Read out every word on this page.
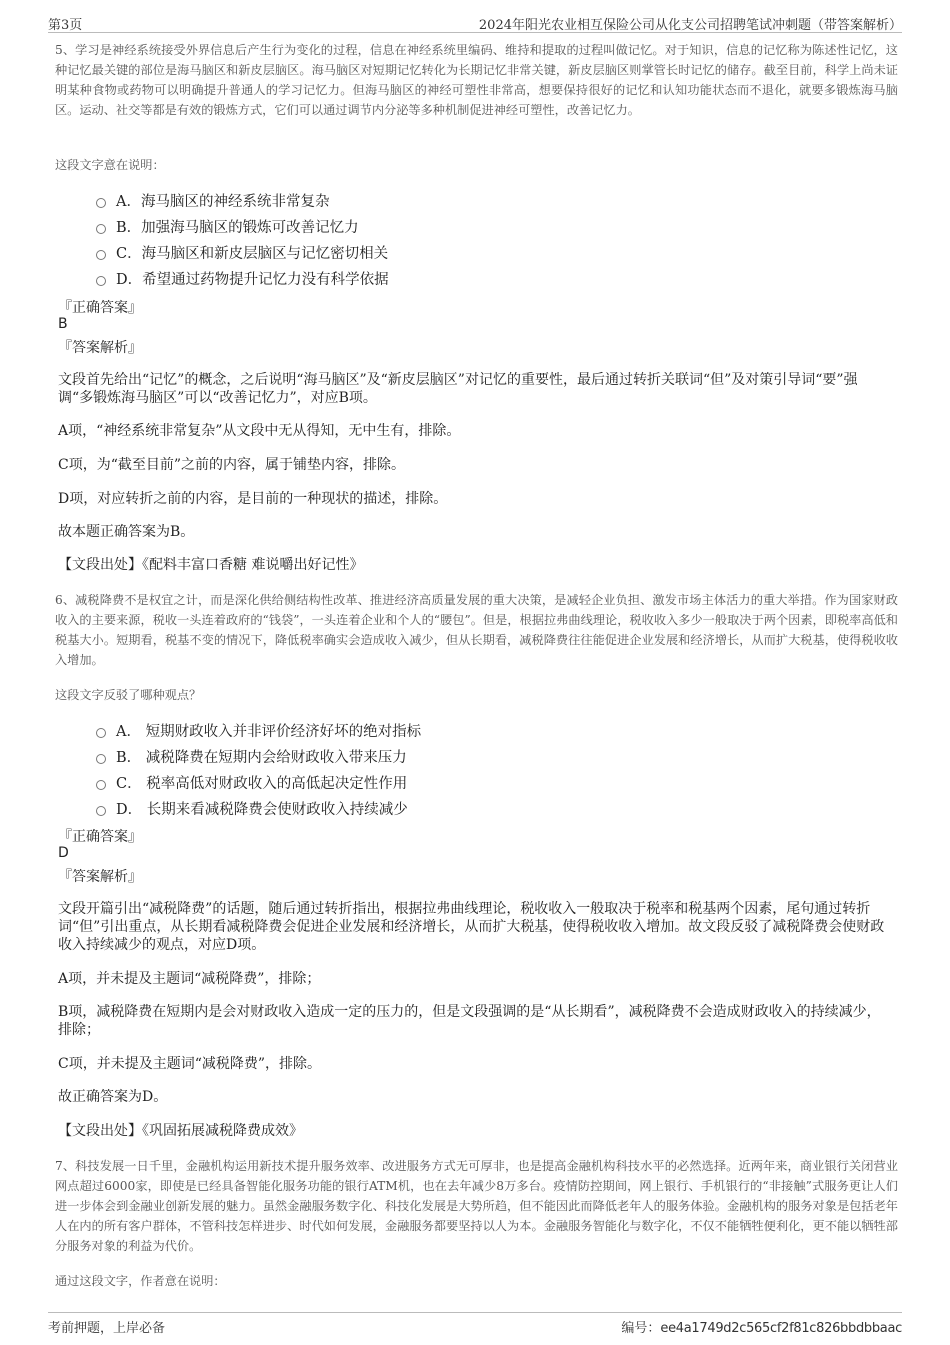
第3页	2024年阳光农业相互保险公司从化支公司招聘笔试冲刺题（带答案解析）

5、学习是神经系统接受外界信息后产生行为变化的过程，信息在神经系统里编码、维持和提取的过程叫做记忆。对于知识，信息的记忆称为陈述性记忆，这种记忆最关键的部位是海马脑区和新皮层脑区。海马脑区对短期记忆转化为长期记忆非常关键，新皮层脑区则掌管长时记忆的储存。截至目前，科学上尚未证明某种食物或药物可以明确提升普通人的学习记忆力。但海马脑区的神经可塑性非常高，想要保持很好的记忆和认知功能状态而不退化，就要多锻炼海马脑区。运动、社交等都是有效的锻炼方式，它们可以通过调节内分泌等多种机制促进神经可塑性，改善记忆力。

这段文字意在说明：

A．海马脑区的神经系统非常复杂
B．加强海马脑区的锻炼可改善记忆力
C．海马脑区和新皮层脑区与记忆密切相关
D．希望通过药物提升记忆力没有科学依据
『正确答案』
B
『答案解析』

文段首先给出“记忆”的概念，之后说明“海马脑区”及“新皮层脑区”对记忆的重要性，最后通过转折关联词“但”及对策引导词“要”强调“多锻炼海马脑区”可以“改善记忆力”，对应B项。

A项，“神经系统非常复杂”从文段中无从得知，无中生有，排除。

C项，为“截至目前”之前的内容，属于铺垫内容，排除。

D项，对应转折之前的内容，是目前的一种现状的描述，排除。

故本题正确答案为B。

【文段出处】《配料丰富口香糖 难说嚼出好记性》

6、减税降费不是权宜之计，而是深化供给侧结构性改革、推进经济高质量发展的重大决策，是减轻企业负担、激发市场主体活力的重大举措。作为国家财政收入的主要来源，税收一头连着政府的“钱袋”，一头连着企业和个人的“腰包”。但是，根据拉弗曲线理论，税收收入多少一般取决于两个因素，即税率高低和税基大小。短期看，税基不变的情况下，降低税率确实会造成收入减少，但从长期看，减税降费往往能促进企业发展和经济增长，从而扩大税基，使得税收收入增加。

这段文字反驳了哪种观点？

A． 短期财政收入并非评价经济好坏的绝对指标
B． 减税降费在短期内会给财政收入带来压力
C． 税率高低对财政收入的高低起决定性作用
D． 长期来看减税降费会使财政收入持续减少
『正确答案』
D
『答案解析』

文段开篇引出“减税降费”的话题，随后通过转折指出，根据拉弗曲线理论，税收收入一般取决于税率和税基两个因素，尾句通过转折词“但”引出重点，从长期看减税降费会促进企业发展和经济增长，从而扩大税基，使得税收收入增加。故文段反驳了减税降费会使财政收入持续减少的观点，对应D项。

A项，并未提及主题词“减税降费”，排除；

B项，减税降费在短期内是会对财政收入造成一定的压力的，但是文段强调的是“从长期看”，减税降费不会造成财政收入的持续减少，排除；

C项，并未提及主题词“减税降费”，排除。

故正确答案为D。

【文段出处】《巩固拓展减税降费成效》

7、科技发展一日千里，金融机构运用新技术提升服务效率、改进服务方式无可厚非，也是提高金融机构科技水平的必然选择。近两年来，商业银行关闭营业网点超过6000家，即使是已经具备智能化服务功能的银行ATM机，也在去年减少8万多台。疫情防控期间，网上银行、手机银行的“非接触”式服务更让人们进一步体会到金融业创新发展的魅力。虽然金融服务数字化、科技化发展是大势所趋，但不能因此而降低老年人的服务体验。金融机构的服务对象是包括老年人在内的所有客户群体，不管科技怎样进步、时代如何发展，金融服务都要坚持以人为本。金融服务智能化与数字化，不仅不能牺牲便利化，更不能以牺牲部分服务对象的利益为代价。

通过这段文字，作者意在说明：

考前押题，上岸必备	编号：ee4a1749d2c565cf2f81c826bbdbbaac
